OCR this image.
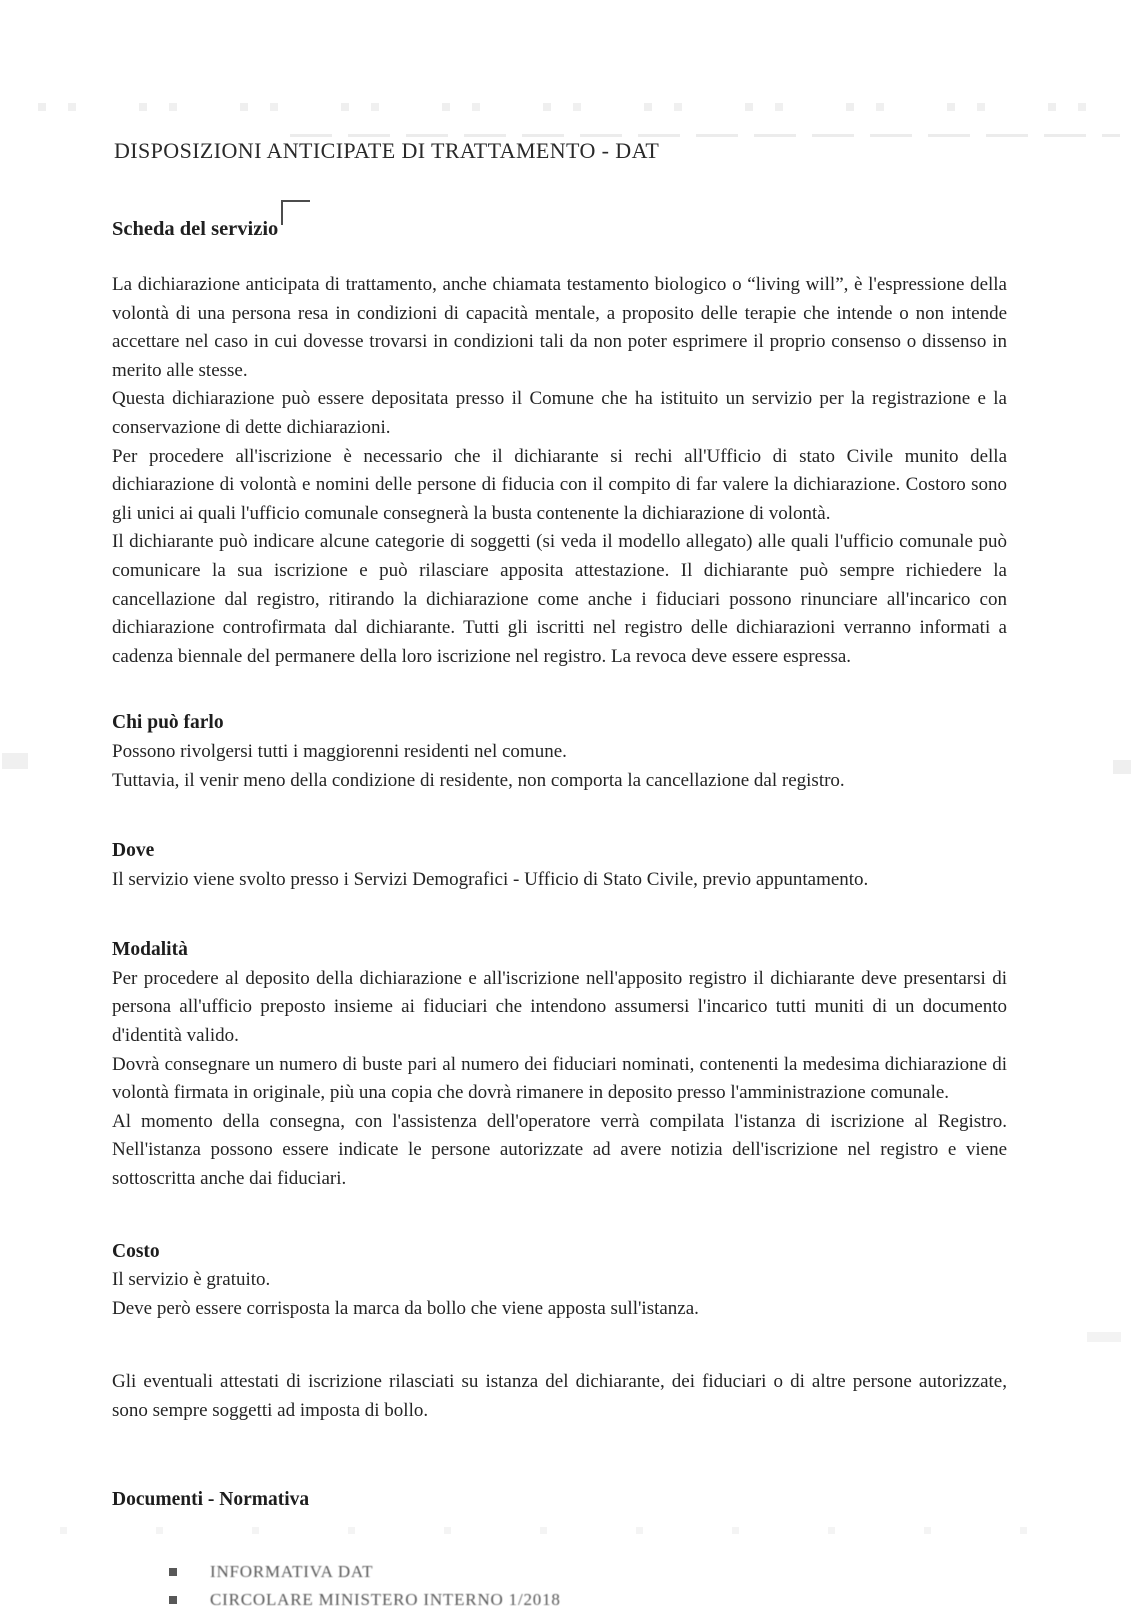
DISPOSIZIONI ANTICIPATE DI TRATTAMENTO - DAT
Scheda del servizio

La dichiarazione anticipata di trattamento, anche chiamata testamento biologico o “living will”, è l'espressione della volontà di una persona resa in condizioni di capacità mentale, a proposito delle terapie che intende o non intende accettare nel caso in cui dovesse trovarsi in condizioni tali da non poter esprimere il proprio consenso o dissenso in merito alle stesse.

Questa dichiarazione può essere depositata presso il Comune che ha istituito un servizio per la registrazione e la conservazione di dette dichiarazioni.

Per procedere all'iscrizione è necessario che il dichiarante si rechi all'Ufficio di stato Civile munito della dichiarazione di volontà e nomini delle persone di fiducia con il compito di far valere la dichiarazione. Costoro sono gli unici ai quali l'ufficio comunale consegnerà la busta contenente la dichiarazione di volontà.

Il dichiarante può indicare alcune categorie di soggetti (si veda il modello allegato) alle quali l'ufficio comunale può comunicare la sua iscrizione e può rilasciare apposita attestazione. Il dichiarante può sempre richiedere la cancellazione dal registro, ritirando la dichiarazione come anche i fiduciari possono rinunciare all'incarico con dichiarazione controfirmata dal dichiarante. Tutti gli iscritti nel registro delle dichiarazioni verranno informati a cadenza biennale del permanere della loro iscrizione nel registro. La revoca deve essere espressa.

Chi può farlo

Possono rivolgersi tutti i maggiorenni residenti nel comune.

Tuttavia, il venir meno della condizione di residente, non comporta la cancellazione dal registro.

Dove

Il servizio viene svolto presso i Servizi Demografici - Ufficio di Stato Civile, previo appuntamento.

Modalità

Per procedere al deposito della dichiarazione e all'iscrizione nell'apposito registro il dichiarante deve presentarsi di persona all'ufficio preposto insieme ai fiduciari che intendono assumersi l'incarico tutti muniti di un documento d'identità valido.

Dovrà consegnare un numero di buste pari al numero dei fiduciari nominati, contenenti la medesima dichiarazione di volontà firmata in originale, più una copia che dovrà rimanere in deposito presso l'amministrazione comunale.

Al momento della consegna, con l'assistenza dell'operatore verrà compilata l'istanza di iscrizione al Registro. Nell'istanza possono essere indicate le persone autorizzate ad avere notizia dell'iscrizione nel registro e viene sottoscritta anche dai fiduciari.

Costo

Il servizio è gratuito.

Deve però essere corrisposta la marca da bollo che viene apposta sull'istanza.

Gli eventuali attestati di iscrizione rilasciati su istanza del dichiarante, dei fiduciari o di altre persone autorizzate, sono sempre soggetti ad imposta di bollo.

Documenti - Normativa
INFORMATIVA DAT
CIRCOLARE MINISTERO INTERNO 1/2018
